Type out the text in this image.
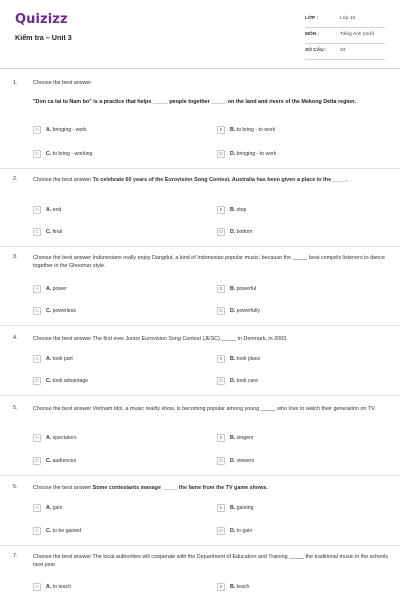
Quizizz
Kiểm tra – Unit 3
LỚP :	Lớp 10
MÔN :	Tiếng Anh (mới)
SỐ CÂU :	33
1.	Choose the best answer
"Don ca tai tu Nam bo" is a practice that helps _____ people together _____ on the land and rivers of the Mekong Delta region.
A	A. bringing - work	B	B. to bring - to work
C	C. to bring - working	D	D. bringing - to work
2.	Choose the best answer To celebrate 60 years of the Eurovision Song Contest, Australia has been given a place in the_____.
A	A. end	B	B. stop
C	C. final	D	D. bottom
3.	Choose the best answer Indonesians really enjoy Dangdut, a kind of Indonesian popular music, because the _____ beat compels listeners to dance together in the Ghoomar style.
A	A. power	B	B. powerful
C	C. powerless	D	D. powerfully
4.	Choose the best answer The first ever Junior Eurovision Song Contest (JESC) _____ in Denmark, in 2003.
A	A. took part	B	B. took place
C	C. took advantage	D	D. took care
5.	Choose the best answer Vietnam Idol, a music reality show, is becoming popular among young _____ who love to watch their generation on TV.
A	A. spectators	B	B. singers
C	C. audiences	D	D. viewers
6.	Choose the best answer Some contestants manage _____ the fame from the TV game shows.
A	A. gain	B	B. gaining
C	C. to be gained	D	D. to gain
7.	Choose the best answer The local authorities will cooperate with the Department of Education and Training _____ the traditional music in the schools next year.
A	A. to teach	B	B. teach
